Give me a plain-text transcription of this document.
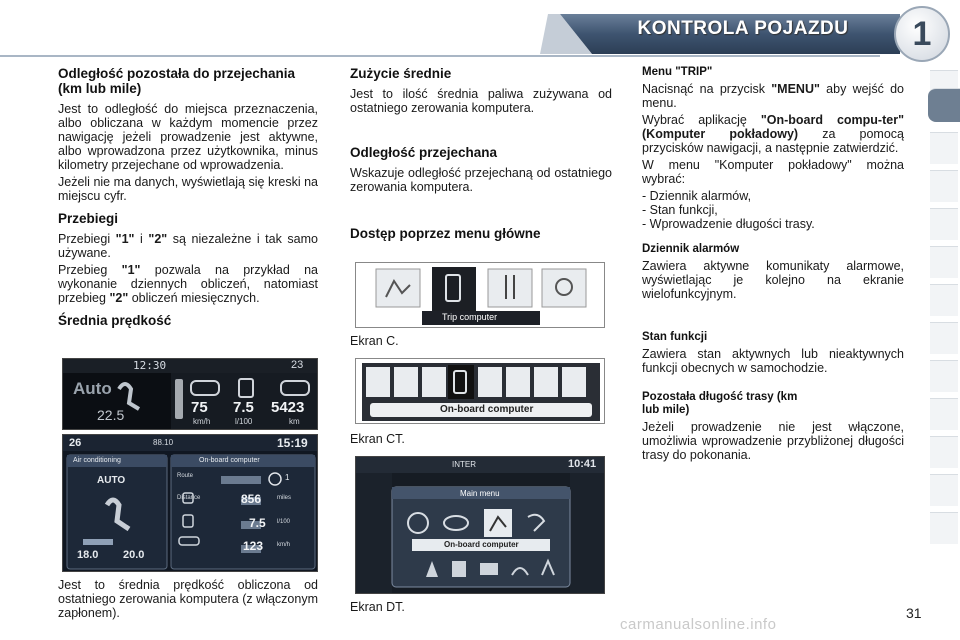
KONTROLA POJAZDU	1
Odległość pozostała do przejechania (km lub mile)

Jest to odległość do miejsca przeznaczenia, albo obliczana w każdym momencie przez nawigację jeżeli prowadzenie jest aktywne, albo wprowadzona przez użytkownika, minus kilometry przejechane od wprowadzenia.

Jeżeli nie ma danych, wyświetlają się kreski na miejscu cyfr.

Przebiegi

Przebiegi "1" i "2" są niezależne i tak samo używane.

Przebieg "1" pozwala na przykład na wykonanie dziennych obliczeń, natomiast przebieg "2" obliczeń miesięcznych.

Średnia prędkość
12:30	23
Auto
22.5	75
km/h
7.5
l/100
5423
km
26	88.10	15:19
Air conditioning	On-board computer
AUTO
18.0 20.0
Route	1
Distance	856	miles
7.5 l/100
123 km/h

Jest to średnia prędkość obliczona od ostatniego zerowania komputera (z włączonym zapłonem).

Zużycie średnie

Jest to ilość średnia paliwa zużywana od ostatniego zerowania komputera.

Odległość przejechana

Wskazuje odległość przejechaną od ostatniego zerowania komputera.

Dostęp poprzez menu główne
Trip computer
Ekran C.
On-board computer
Ekran CT.
INTER	10:41
Main menu
On-board computer
Ekran DT.
Menu "TRIP"

Nacisnąć na przycisk "MENU" aby wejść do menu.

Wybrać aplikację "On-board compu-ter" (Komputer pokładowy) za pomocą przycisków nawigacji, a następnie zatwierdzić.

W menu "Komputer pokładowy" można wybrać:

- Dziennik alarmów,
- Stan funkcji,
- Wprowadzenie długości trasy.
Dziennik alarmów

Zawiera aktywne komunikaty alarmowe, wyświetlając je kolejno na ekranie wielofunkcyjnym.

Stan funkcji

Zawiera stan aktywnych lub nieaktywnych funkcji obecnych w samochodzie.

Pozostała długość trasy (km lub mile)

Jeżeli prowadzenie nie jest włączone, umożliwia wprowadzenie przybliżonej długości trasy do pokonania.

31
carmanualsonline.info
